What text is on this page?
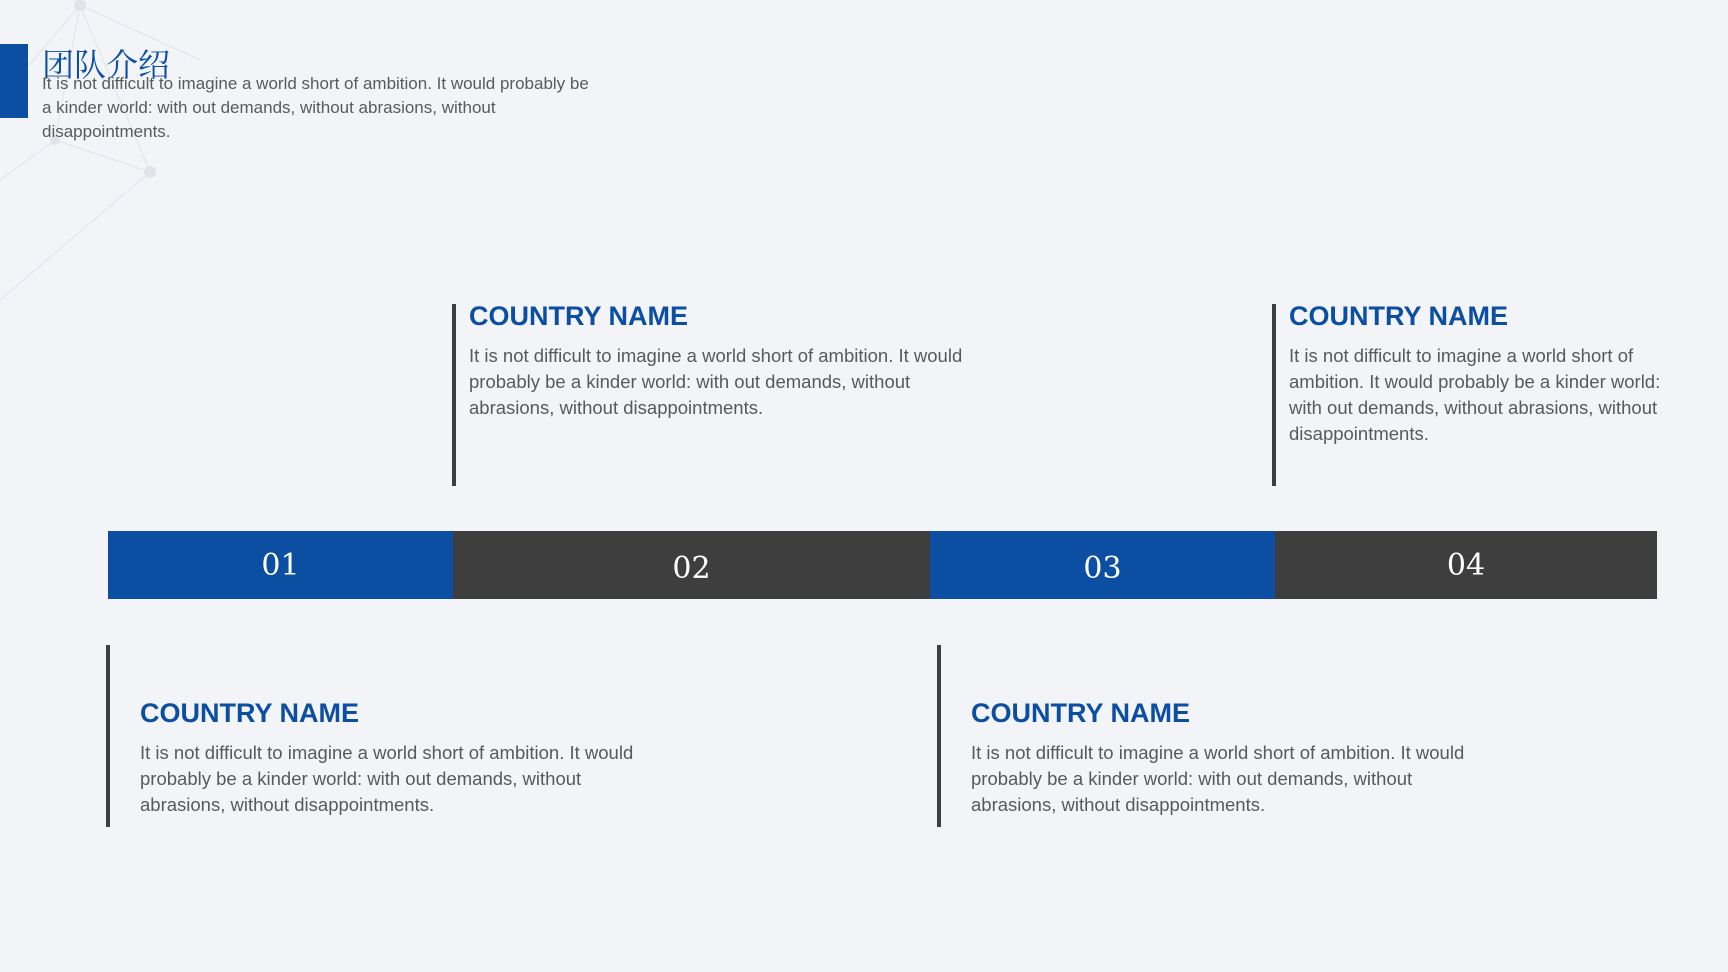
团队介绍
It is not difficult to imagine a world short of ambition. It would probably be a kinder world: with out demands, without abrasions, without disappointments.
COUNTRY NAME
It is not difficult to imagine a world short of ambition. It would probably be a kinder world: with out demands, without abrasions, without disappointments.
COUNTRY NAME
It is not difficult to imagine a world short of ambition. It would probably be a kinder world: with out demands, without abrasions, without disappointments.
01	02	03	04
COUNTRY NAME
It is not difficult to imagine a world short of ambition. It would probably be a kinder world: with out demands, without abrasions, without disappointments.
COUNTRY NAME
It is not difficult to imagine a world short of ambition. It would probably be a kinder world: with out demands, without abrasions, without disappointments.
